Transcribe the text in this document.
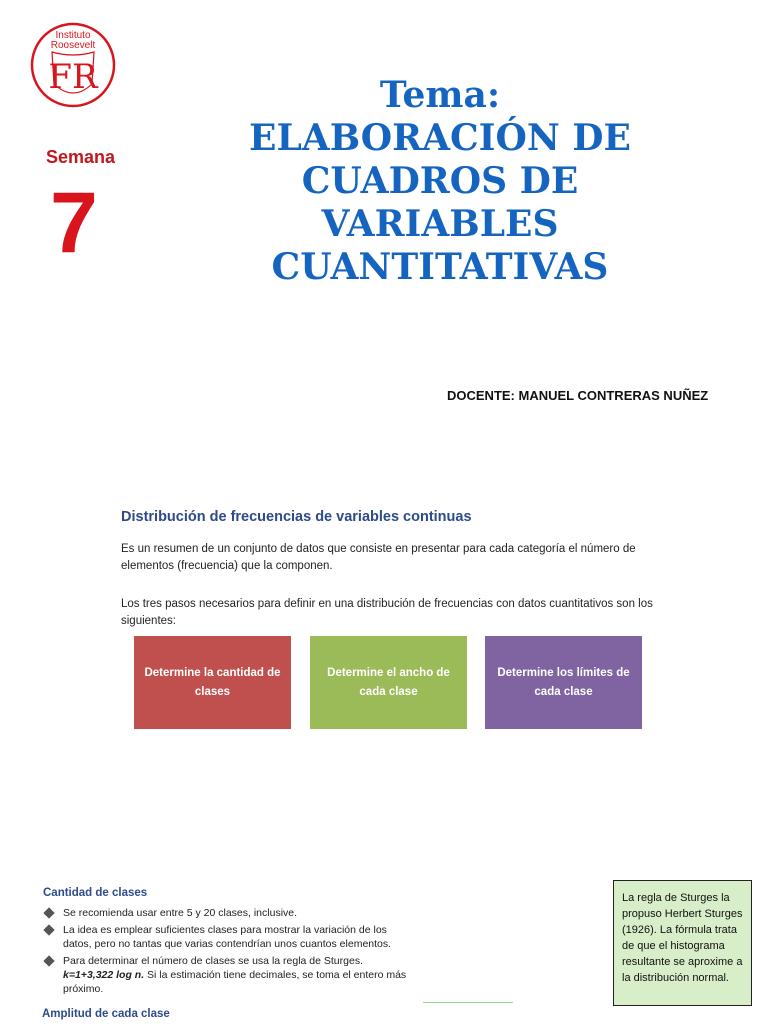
Instituto
Roosevelt
FR
Semana
7
Tema:
ELABORACIÓN DE
CUADROS DE
VARIABLES
CUANTITATIVAS
DOCENTE: MANUEL CONTRERAS NUÑEZ
Distribución de frecuencias de variables continuas
Es un resumen de un conjunto de datos que consiste en presentar para cada categoría el número de elementos (frecuencia) que la componen.
Los tres pasos necesarios para definir en una distribución de frecuencias con datos cuantitativos son los siguientes:
Determine la cantidad de clases
Determine el ancho de cada clase
Determine los límites de cada clase
Cantidad de clases
Se recomienda usar entre 5 y 20 clases, inclusive.
La idea es emplear suficientes clases para mostrar la variación de los datos, pero no tantas que varias contendrían unos cuantos elementos.
Para determinar el número de clases se usa la regla de Sturges. k=1+3,322 log n. Si la estimación tiene decimales, se toma el entero más próximo.
Amplitud de cada clase
La regla de Sturges la propuso Herbert Sturges (1926). La fórmula trata de que el histograma resultante se aproxime a la distribución normal.
